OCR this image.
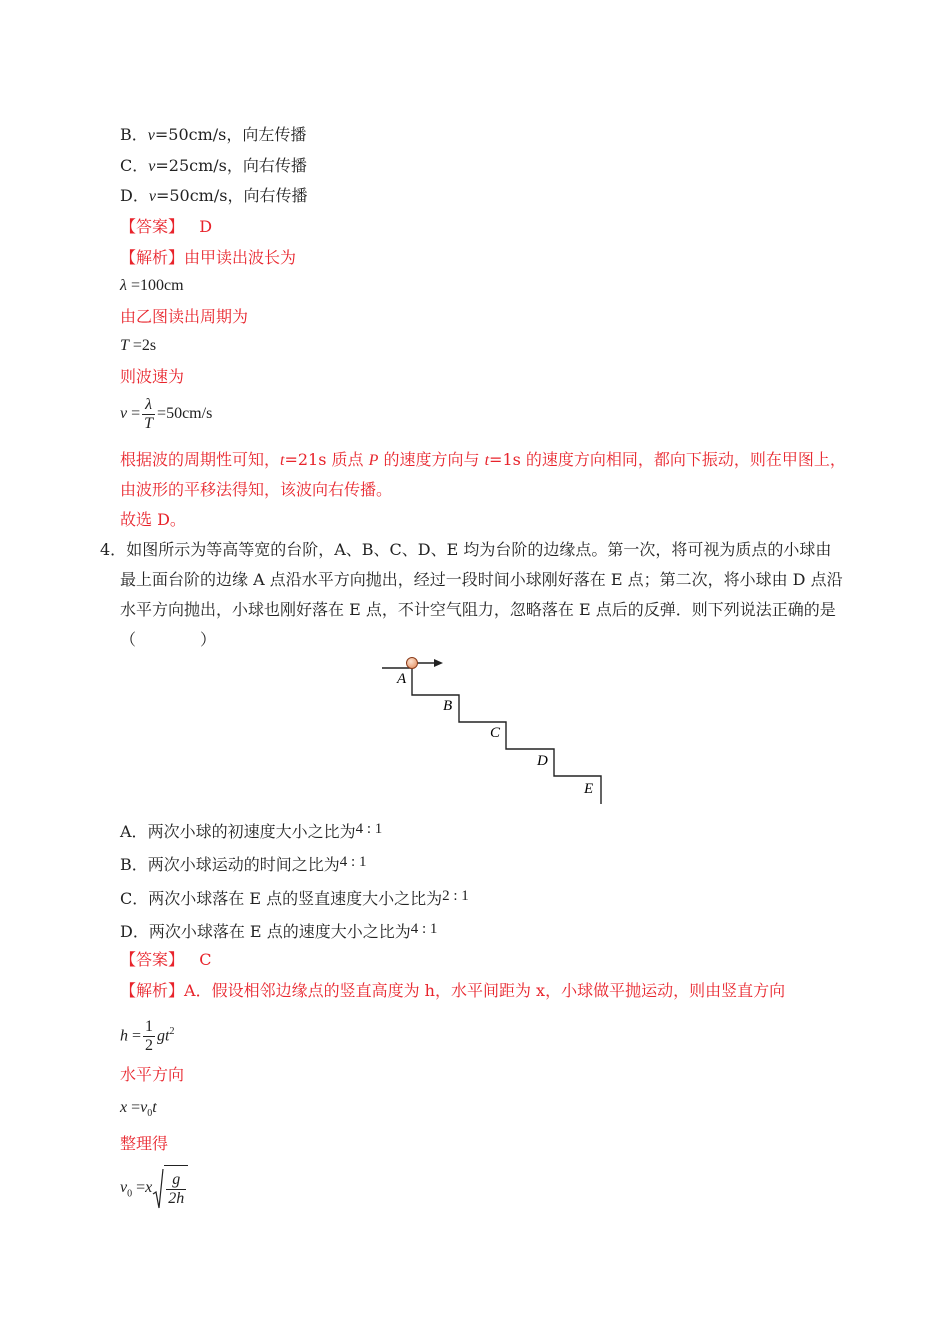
B．v=50cm/s，向左传播
C．v=25cm/s，向右传播
D．v=50cm/s，向右传播
【答案】 D
【解析】由甲读出波长为
λ =100cm
由乙图读出周期为
T =2s
则波速为
$v = \frac{\lambda}{T} =50cm/s$
根据波的周期性可知，t=21s 质点 P 的速度方向与 t=1s 的速度方向相同，都向下振动，则在甲图上，
由波形的平移法得知，该波向右传播。
故选 D。
4．如图所示为等高等宽的台阶，A、B、C、D、E 均为台阶的边缘点。第一次，将可视为质点的小球由
最上面台阶的边缘 A 点沿水平方向抛出，经过一段时间小球刚好落在 E 点；第二次，将小球由 D 点沿
水平方向抛出，小球也刚好落在 E 点，不计空气阻力，忽略落在 E 点后的反弹．则下列说法正确的是
（　　　　）
A
B
C
D
E
A．两次小球的初速度大小之比为4 : 1
B．两次小球运动的时间之比为4 : 1
C．两次小球落在 E 点的竖直速度大小之比为2 : 1
D．两次小球落在 E 点的速度大小之比为4 : 1
【答案】 C
【解析】A．假设相邻边缘点的竖直高度为 h，水平间距为 x，小球做平抛运动，则由竖直方向
$h = \frac{1}{2} gt^2$
水平方向
$x =v_0t$
整理得
$v_0 =x \frac{g}{2h}$
